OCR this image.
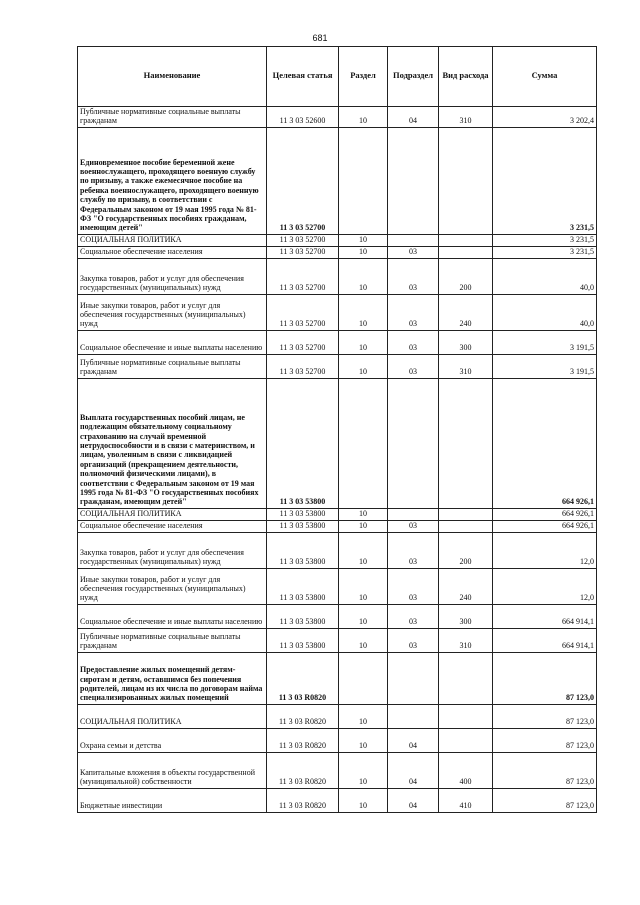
681
Наименование	Целевая статья	Раздел	Подраздел	Вид расхода	Сумма
Публичные нормативные социальные выплаты гражданам	11 3 03 52600	10	04	310	3 202,4
Единовременное пособие беременной жене военнослужащего, проходящего военную службу по призыву, а также ежемесячное пособие на ребенка военнослужащего, проходящего военную службу по призыву, в соответствии с Федеральным законом от 19 мая 1995 года № 81-ФЗ "О государственных пособиях гражданам, имеющим детей"	11 3 03 52700				3 231,5
СОЦИАЛЬНАЯ ПОЛИТИКА	11 3 03 52700	10			3 231,5
Социальное обеспечение населения	11 3 03 52700	10	03		3 231,5
Закупка товаров, работ и услуг для обеспечения государственных (муниципальных) нужд	11 3 03 52700	10	03	200	40,0
Иные закупки товаров, работ и услуг для обеспечения государственных (муниципальных) нужд	11 3 03 52700	10	03	240	40,0
Социальное обеспечение и иные выплаты населению	11 3 03 52700	10	03	300	3 191,5
Публичные нормативные социальные выплаты гражданам	11 3 03 52700	10	03	310	3 191,5
Выплата государственных пособий лицам, не подлежащим обязательному социальному страхованию на случай временной нетрудоспособности и в связи с материнством, и лицам, уволенным в связи с ликвидацией организаций (прекращением деятельности, полномочий физическими лицами), в соответствии с Федеральным законом от 19 мая 1995 года № 81-ФЗ "О государственных пособиях гражданам, имеющим детей"	11 3 03 53800				664 926,1
СОЦИАЛЬНАЯ ПОЛИТИКА	11 3 03 53800	10			664 926,1
Социальное обеспечение населения	11 3 03 53800	10	03		664 926,1
Закупка товаров, работ и услуг для обеспечения государственных (муниципальных) нужд	11 3 03 53800	10	03	200	12,0
Иные закупки товаров, работ и услуг для обеспечения государственных (муниципальных) нужд	11 3 03 53800	10	03	240	12,0
Социальное обеспечение и иные выплаты населению	11 3 03 53800	10	03	300	664 914,1
Публичные нормативные социальные выплаты гражданам	11 3 03 53800	10	03	310	664 914,1
Предоставление жилых помещений детям-сиротам и детям, оставшимся без попечения родителей, лицам из их числа по договорам найма специализированных жилых помещений	11 3 03 R0820				87 123,0
СОЦИАЛЬНАЯ ПОЛИТИКА	11 3 03 R0820	10			87 123,0
Охрана семьи и детства	11 3 03 R0820	10	04		87 123,0
Капитальные вложения в объекты государственной (муниципальной) собственности	11 3 03 R0820	10	04	400	87 123,0
Бюджетные инвестиции	11 3 03 R0820	10	04	410	87 123,0
